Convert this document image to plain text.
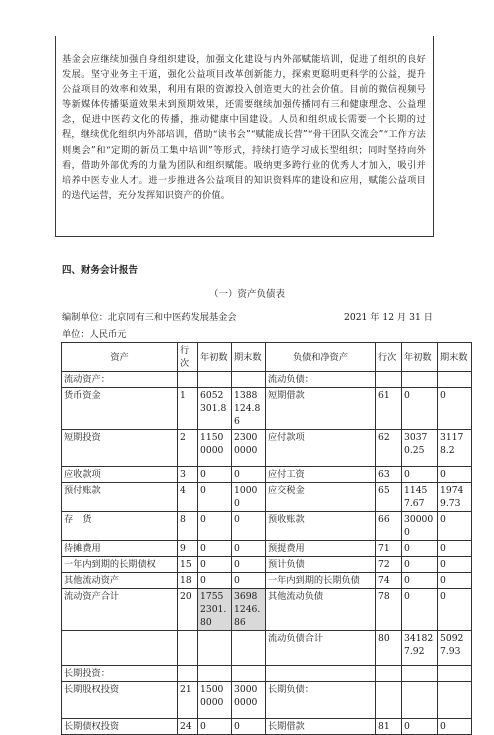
基金会应继续加强自身组织建设，加强文化建设与内外部赋能培训，促进了组织的良好发展。坚守业务主干道，强化公益项目改革创新能力，探索更聪明更科学的公益，提升公益项目的效率和效果，利用有限的资源投入创造更大的社会价值。目前的微信视频号等新媒体传播渠道效果未到预期效果，还需要继续加强传播同有三和健康理念、公益理念，促进中医药文化的传播，推动健康中国建设。人员和组织成长需要一个长期的过程，继续优化组织内外部培训，借助“读书会”“赋能成长营”“骨干团队交流会”“工作方法则奥会”和“定期的新员工集中培训”等形式，持续打造学习成长型组织；同时坚持向外看，借助外部优秀的力量为团队和组织赋能。吸纳更多跨行业的优秀人才加入，吸引并培养中医专业人才。进一步推进各公益项目的知识资料库的建设和应用，赋能公益项目的迭代运营，充分发挥知识资产的价值。
四、财务会计报告
（一）资产负债表
编制单位：北京同有三和中医药发展基金会	2021 年 12 月 31 日
单位：人民币元
资产	行次	年初数	期末数	负债和净资产	行次	年初数	期末数
流动资产：				流动负债：			
货币资金	1	6052301.8	1388124.86	短期借款	61	0	0
短期投资	2	11500000	23000000	应付款项	62	30370.25	31178.2
应收款项	3	0	0	应付工资	63	0	0
预付账款	4	0	10000	应交税金	65	11457.67	19749.73
存　货	8	0	0	预收账款	66	300000	0
待摊费用	9	0	0	预提费用	71	0	0
一年内到期的长期债权	15	0	0	预计负债	72	0	0
其他流动资产	18	0	0	一年内到期的长期负债	74	0	0
流动资产合计	20	17552301.80	36981246.86	其他流动负债	78	0	0
				流动负债合计	80	341827.92	50927.93
长期投资：							
长期股权投资	21	15000000	30000000	长期负债：			
长期债权投资	24	0	0	长期借款	81	0	0
